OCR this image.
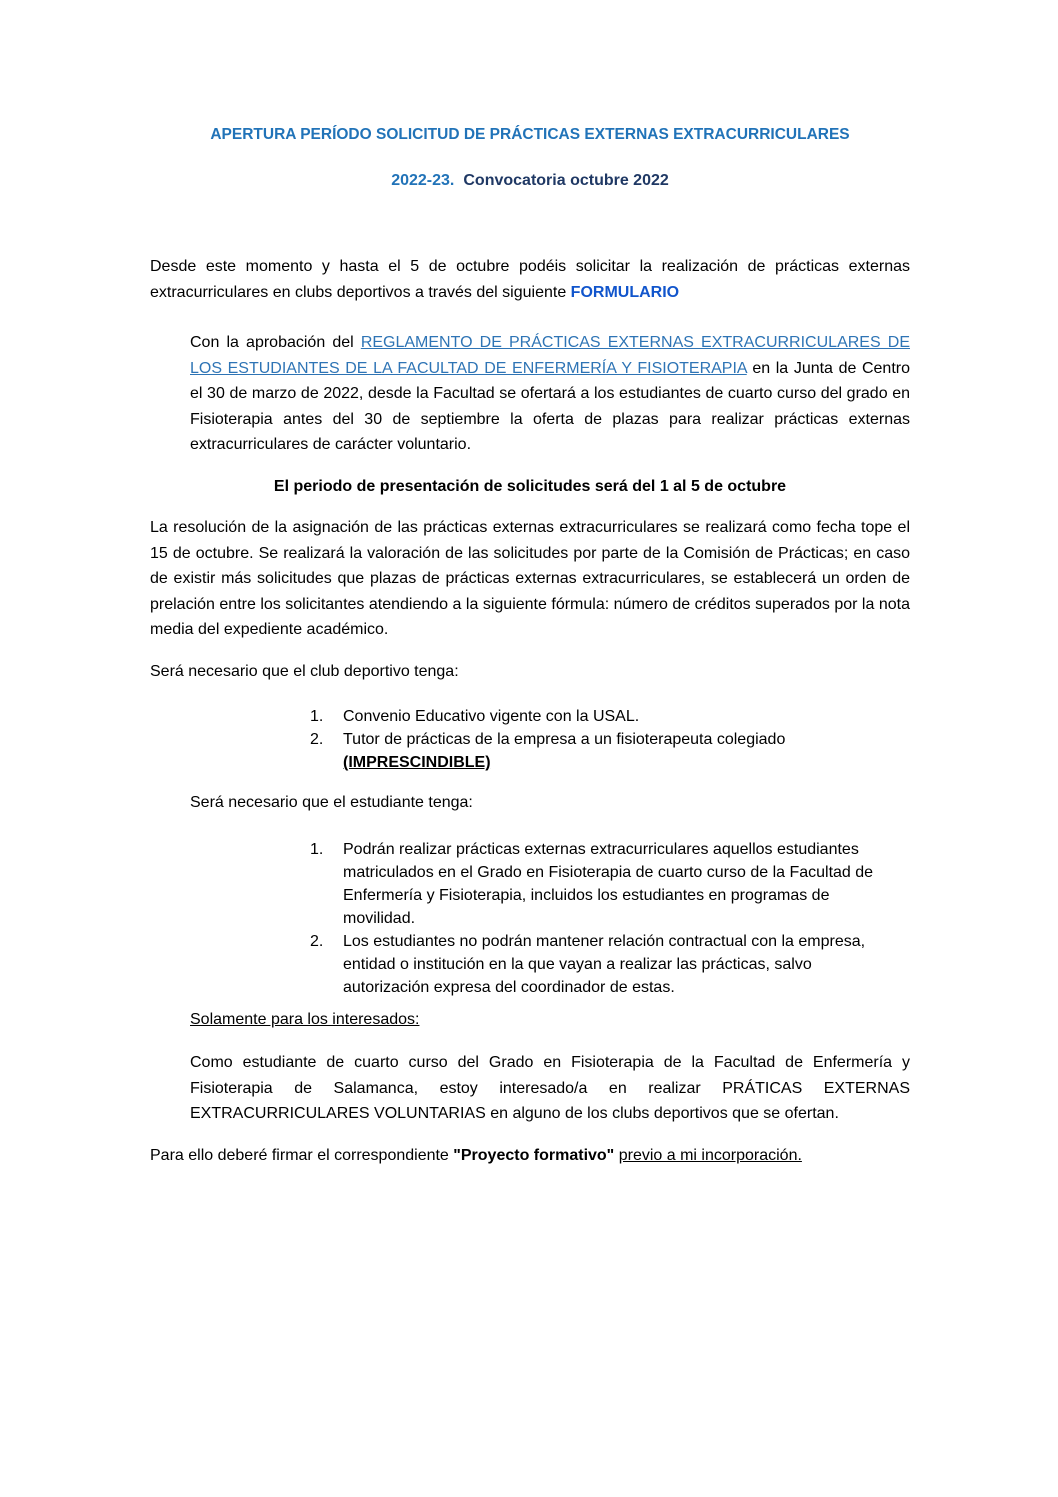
APERTURA PERÍODO SOLICITUD DE PRÁCTICAS EXTERNAS EXTRACURRICULARES
2022-23. Convocatoria octubre 2022

Desde este momento y hasta el 5 de octubre podéis solicitar la realización de prácticas externas extracurriculares en clubs deportivos a través del siguiente FORMULARIO

Con la aprobación del REGLAMENTO DE PRÁCTICAS EXTERNAS EXTRACURRICULARES DE LOS ESTUDIANTES DE LA FACULTAD DE ENFERMERÍA Y FISIOTERAPIA en la Junta de Centro el 30 de marzo de 2022, desde la Facultad se ofertará a los estudiantes de cuarto curso del grado en Fisioterapia antes del 30 de septiembre la oferta de plazas para realizar prácticas externas extracurriculares de carácter voluntario.

El periodo de presentación de solicitudes será del 1 al 5 de octubre

La resolución de la asignación de las prácticas externas extracurriculares se realizará como fecha tope el 15 de octubre. Se realizará la valoración de las solicitudes por parte de la Comisión de Prácticas; en caso de existir más solicitudes que plazas de prácticas externas extracurriculares, se establecerá un orden de prelación entre los solicitantes atendiendo a la siguiente fórmula: número de créditos superados por la nota media del expediente académico.

Será necesario que el club deportivo tenga:

1.	Convenio Educativo vigente con la USAL.
2.	Tutor de prácticas de la empresa a un fisioterapeuta colegiado (IMPRESCINDIBLE)

Será necesario que el estudiante tenga:

1.	Podrán realizar prácticas externas extracurriculares aquellos estudiantes matriculados en el Grado en Fisioterapia de cuarto curso de la Facultad de Enfermería y Fisioterapia, incluidos los estudiantes en programas de movilidad.
2.	Los estudiantes no podrán mantener relación contractual con la empresa, entidad o institución en la que vayan a realizar las prácticas, salvo autorización expresa del coordinador de estas.

Solamente para los interesados:

Como estudiante de cuarto curso del Grado en Fisioterapia de la Facultad de Enfermería y Fisioterapia de Salamanca, estoy interesado/a en realizar PRÁTICAS EXTERNAS EXTRACURRICULARES VOLUNTARIAS en alguno de los clubs deportivos que se ofertan.

Para ello deberé firmar el correspondiente "Proyecto formativo" previo a mi incorporación.
